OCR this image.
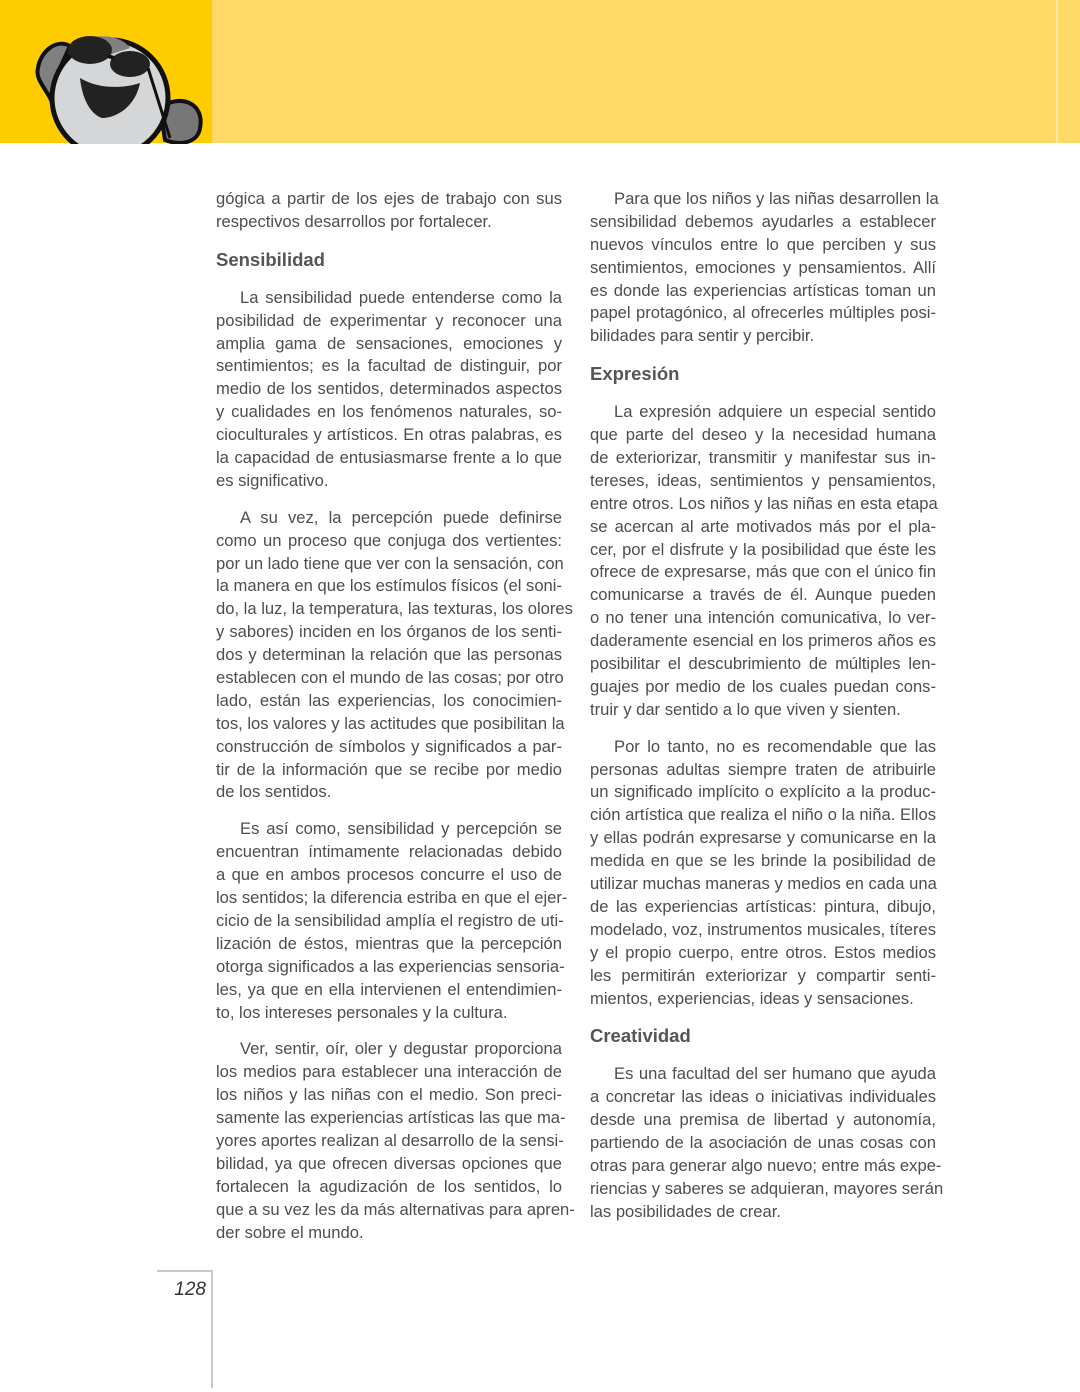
gógica a partir de los ejes de trabajo con sus
respectivos desarrollos por fortalecer.
Sensibilidad
La sensibilidad puede entenderse como la
posibilidad de experimentar y reconocer una
amplia gama de sensaciones, emociones y
sentimientos; es la facultad de distinguir, por
medio de los sentidos, determinados aspectos
y cualidades en los fenómenos naturales, so-
cioculturales y artísticos. En otras palabras, es
la capacidad de entusiasmarse frente a lo que
es significativo.
A su vez, la percepción puede definirse
como un proceso que conjuga dos vertientes:
por un lado tiene que ver con la sensación, con
la manera en que los estímulos físicos (el soni-
do, la luz, la temperatura, las texturas, los olores
y sabores) inciden en los órganos de los senti-
dos y determinan la relación que las personas
establecen con el mundo de las cosas; por otro
lado, están las experiencias, los conocimien-
tos, los valores y las actitudes que posibilitan la
construcción de símbolos y significados a par-
tir de la información que se recibe por medio
de los sentidos.
Es así como, sensibilidad y percepción se
encuentran íntimamente relacionadas debido
a que en ambos procesos concurre el uso de
los sentidos; la diferencia estriba en que el ejer-
cicio de la sensibilidad amplía el registro de uti-
lización de éstos, mientras que la percepción
otorga significados a las experiencias sensoria-
les, ya que en ella intervienen el entendimien-
to, los intereses personales y la cultura.
Ver, sentir, oír, oler y degustar proporciona
los medios para establecer una interacción de
los niños y las niñas con el medio. Son preci-
samente las experiencias artísticas las que ma-
yores aportes realizan al desarrollo de la sensi-
bilidad, ya que ofrecen diversas opciones que
fortalecen la agudización de los sentidos, lo
que a su vez les da más alternativas para apren-
der sobre el mundo.
Para que los niños y las niñas desarrollen la
sensibilidad debemos ayudarles a establecer
nuevos vínculos entre lo que perciben y sus
sentimientos, emociones y pensamientos. Allí
es donde las experiencias artísticas toman un
papel protagónico, al ofrecerles múltiples posi-
bilidades para sentir y percibir.
Expresión
La expresión adquiere un especial sentido
que parte del deseo y la necesidad humana
de exteriorizar, transmitir y manifestar sus in-
tereses, ideas, sentimientos y pensamientos,
entre otros. Los niños y las niñas en esta etapa
se acercan al arte motivados más por el pla-
cer, por el disfrute y la posibilidad que éste les
ofrece de expresarse, más que con el único fin
comunicarse a través de él. Aunque pueden
o no tener una intención comunicativa, lo ver-
daderamente esencial en los primeros años es
posibilitar el descubrimiento de múltiples len-
guajes por medio de los cuales puedan cons-
truir y dar sentido a lo que viven y sienten.
Por lo tanto, no es recomendable que las
personas adultas siempre traten de atribuirle
un significado implícito o explícito a la produc-
ción artística que realiza el niño o la niña. Ellos
y ellas podrán expresarse y comunicarse en la
medida en que se les brinde la posibilidad de
utilizar muchas maneras y medios en cada una
de las experiencias artísticas: pintura, dibujo,
modelado, voz, instrumentos musicales, títeres
y el propio cuerpo, entre otros. Estos medios
les permitirán exteriorizar y compartir senti-
mientos, experiencias, ideas y sensaciones.
Creatividad
Es una facultad del ser humano que ayuda
a concretar las ideas o iniciativas individuales
desde una premisa de libertad y autonomía,
partiendo de la asociación de unas cosas con
otras para generar algo nuevo; entre más expe-
riencias y saberes se adquieran, mayores serán
las posibilidades de crear.
128
